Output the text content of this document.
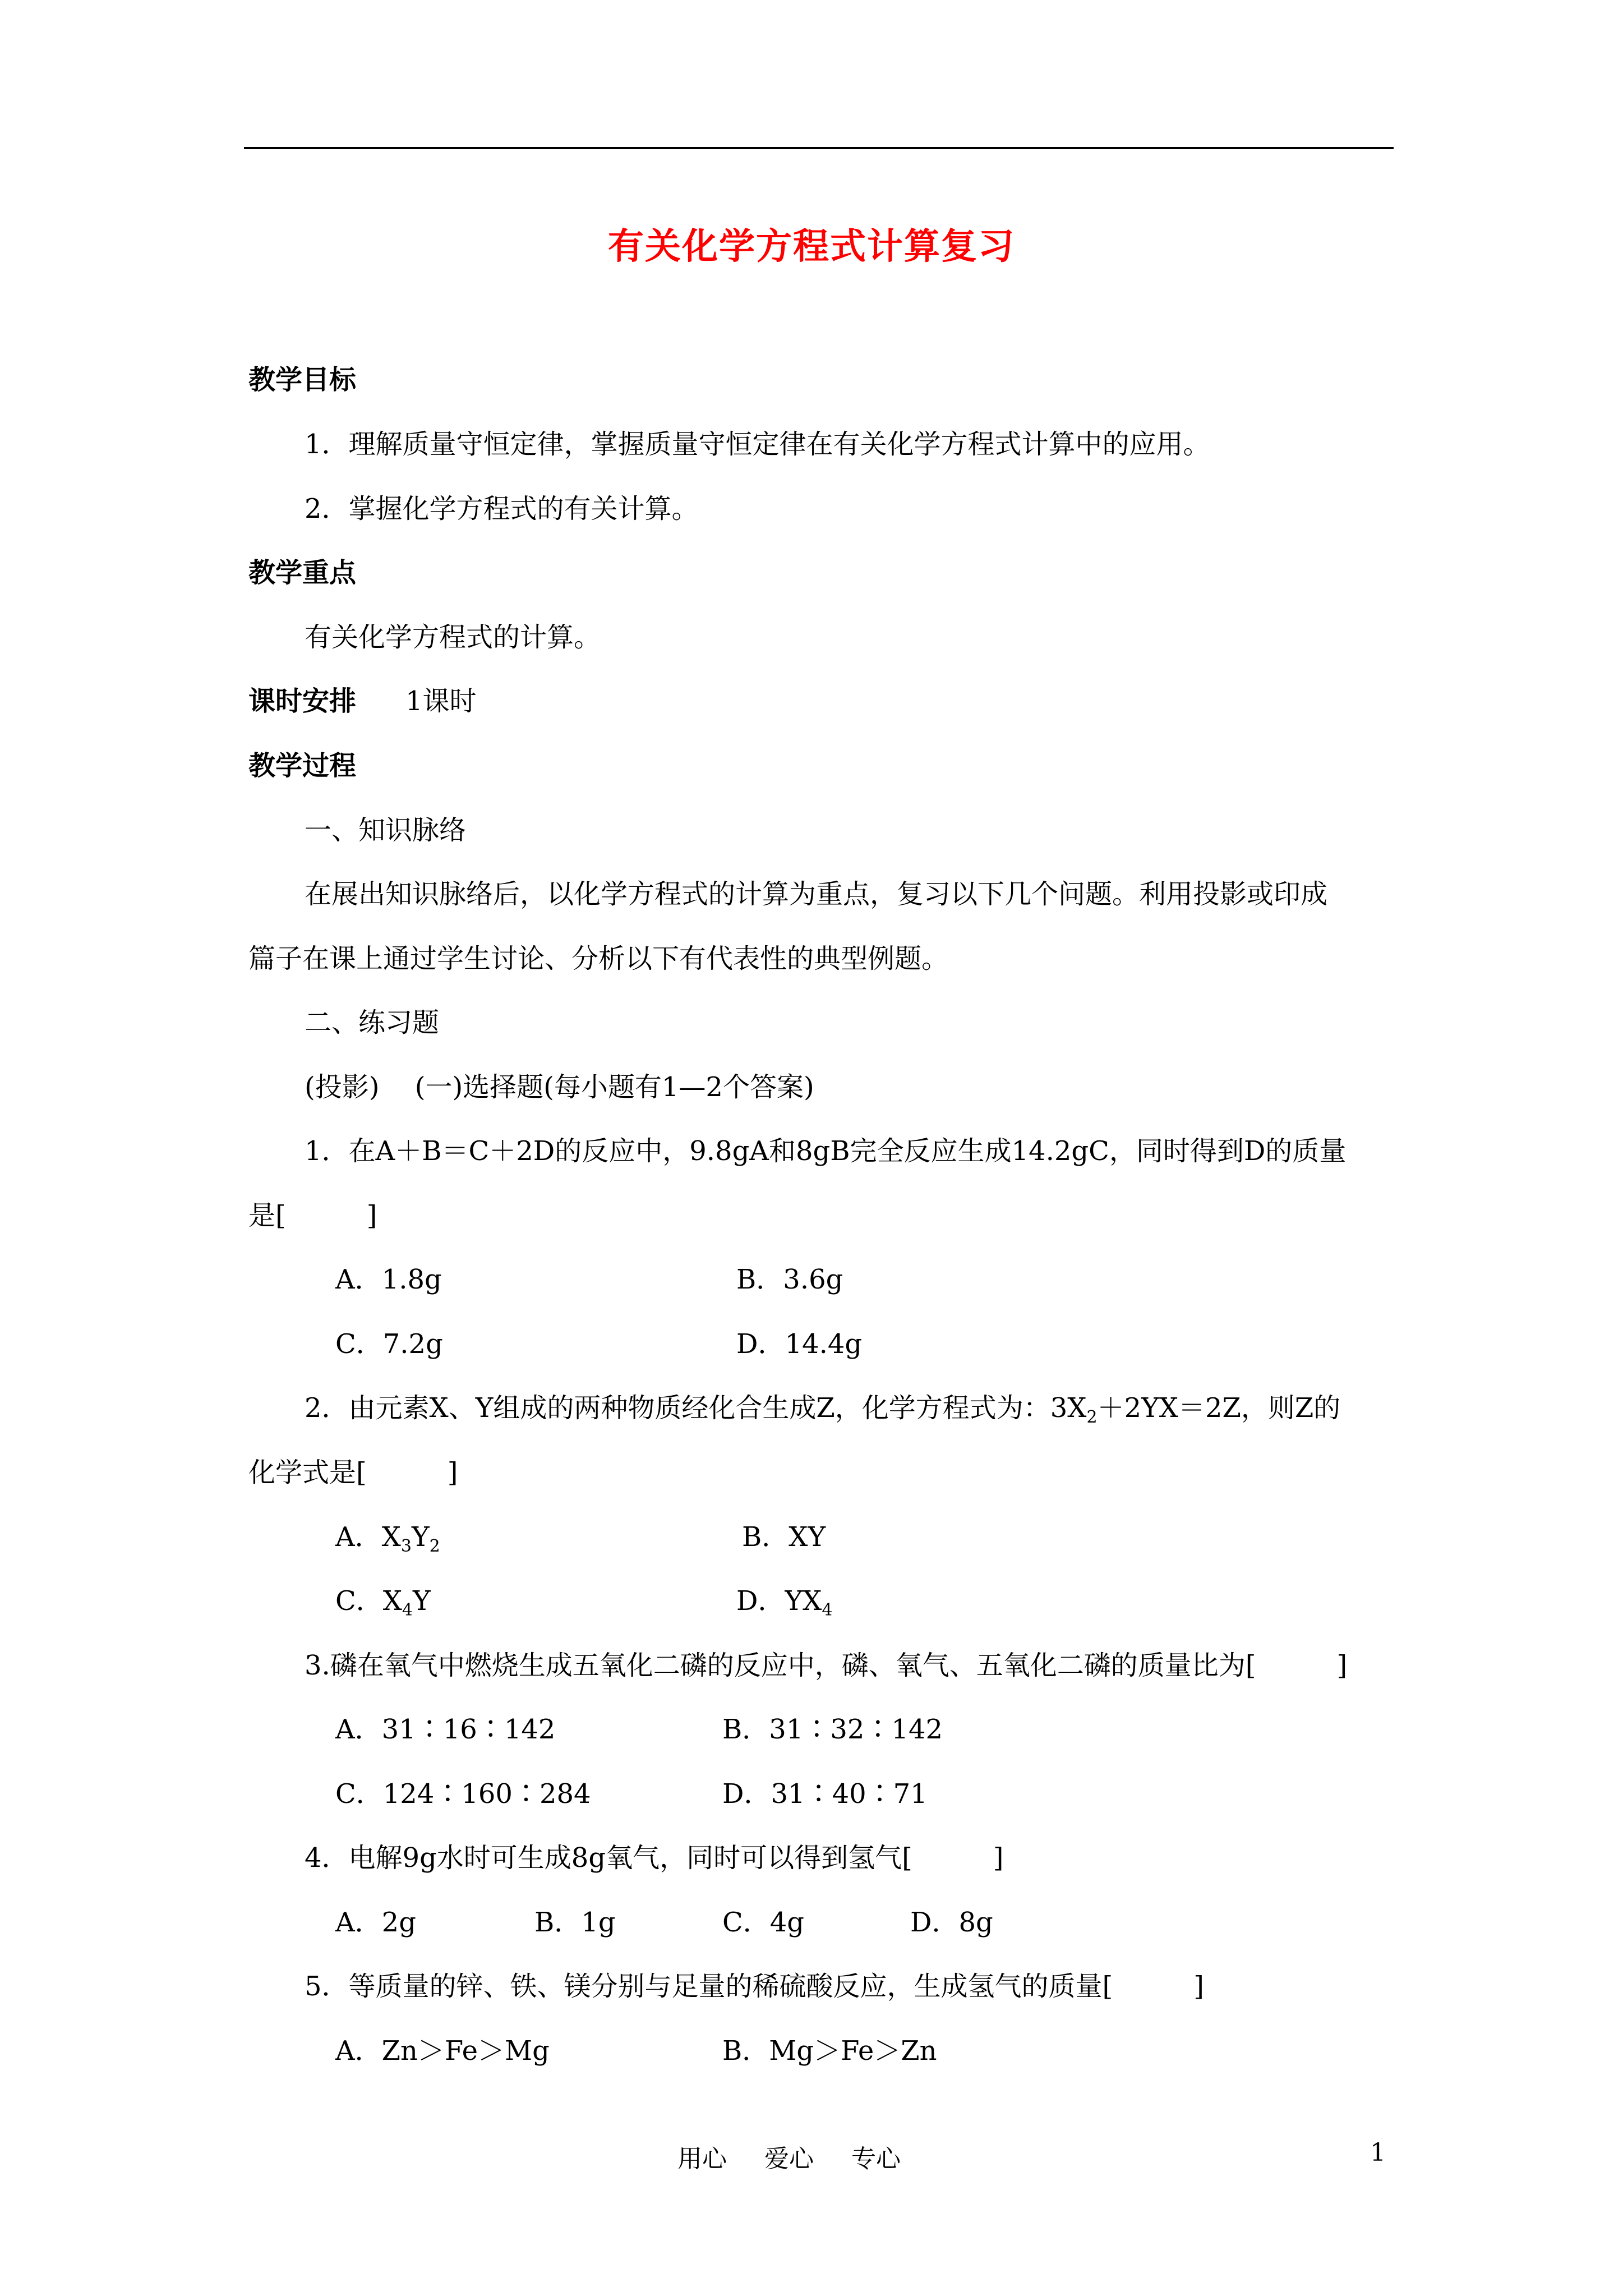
有关化学方程式计算复习
教学目标
1．理解质量守恒定律，掌握质量守恒定律在有关化学方程式计算中的应用。
2．掌握化学方程式的有关计算。
教学重点
有关化学方程式的计算。
课时安排 1课时
教学过程
一、知识脉络
在展出知识脉络后，以化学方程式的计算为重点，复习以下几个问题。利用投影或印成
篇子在课上通过学生讨论、分析以下有代表性的典型例题。
二、练习题
(投影)　 (一)选择题(每小题有1—2个答案)
1．在A＋B＝C＋2D的反应中，9.8gA和8gB完全反应生成14.2gC，同时得到D的质量
是[　　　]
A．1.8g	B．3.6g
C．7.2g	D．14.4g
2．由元素X、Y组成的两种物质经化合生成Z，化学方程式为：$3X_2+2YX=2Z$，则Z的
化学式是[　　　]
A．$X_3Y_2$	B．XY
C．$X_4Y$	D．$YX_4$
3.磷在氧气中燃烧生成五氧化二磷的反应中，磷、氧气、五氧化二磷的质量比为[　　　]
A．31∶16∶142	B．31∶32∶142
C．124∶160∶284	D．31∶40∶71
4．电解9g水时可生成8g氧气，同时可以得到氢气[　　　]
A．2g	B．1g	C．4g	D．8g
5．等质量的锌、铁、镁分别与足量的稀硫酸反应，生成氢气的质量[　　　]
A．Zn＞Fe＞Mg	B．Mg＞Fe＞Zn
用心 爱心 专心	1
